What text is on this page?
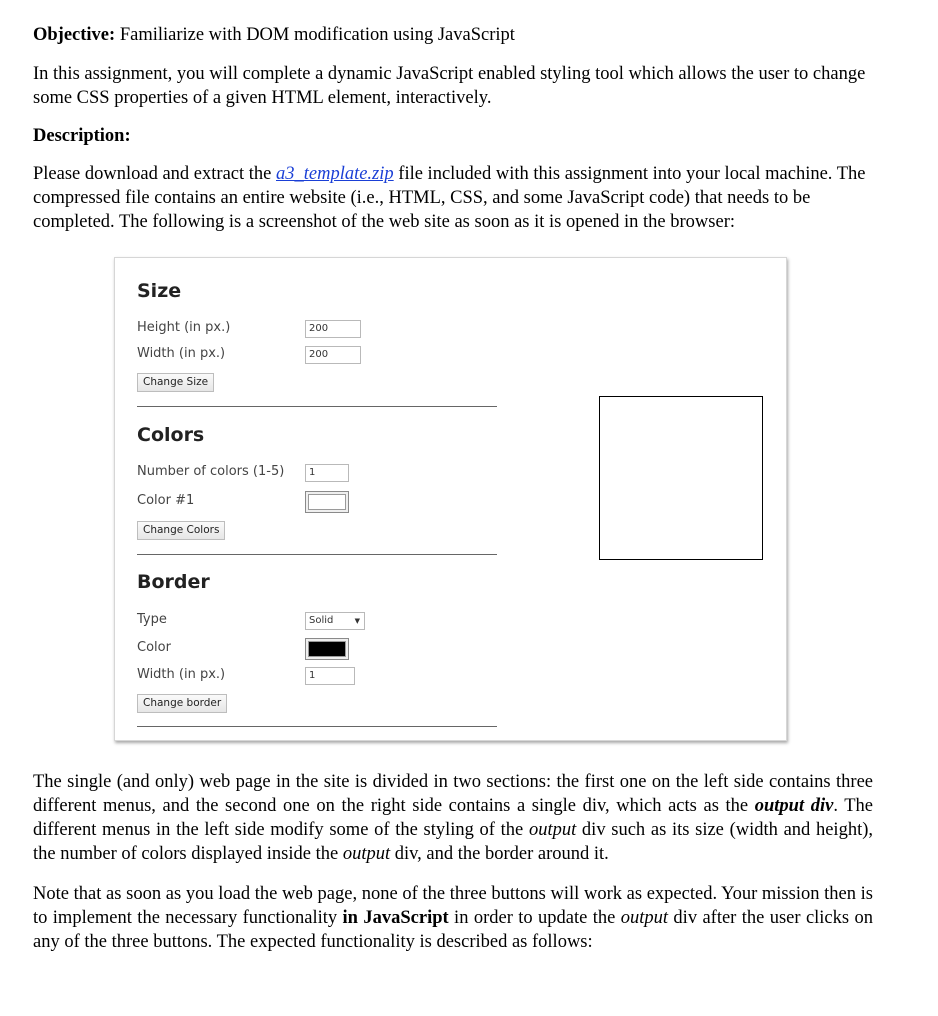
Objective: Familiarize with DOM modification using JavaScript

In this assignment, you will complete a dynamic JavaScript enabled styling tool which allows the user to change some CSS properties of a given HTML element, interactively.

Description:

Please download and extract the a3_template.zip file included with this assignment into your local machine. The compressed file contains an entire website (i.e., HTML, CSS, and some JavaScript code) that needs to be completed. The following is a screenshot of the web site as soon as it is opened in the browser:

The single (and only) web page in the site is divided in two sections: the first one on the left side contains three different menus, and the second one on the right side contains a single div, which acts as the output div. The different menus in the left side modify some of the styling of the output div such as its size (width and height), the number of colors displayed inside the output div, and the border around it.

Note that as soon as you load the web page, none of the three buttons will work as expected. Your mission then is to implement the necessary functionality in JavaScript in order to update the output div after the user clicks on any of the three buttons. The expected functionality is described as follows:

Size
Height (in px.)	200
Width (in px.)	200
Change Size
Colors
Number of colors (1-5)	1
Color #1
Change Colors
Border
Type	Solid	▼
Color
Width (in px.)	1
Change border
